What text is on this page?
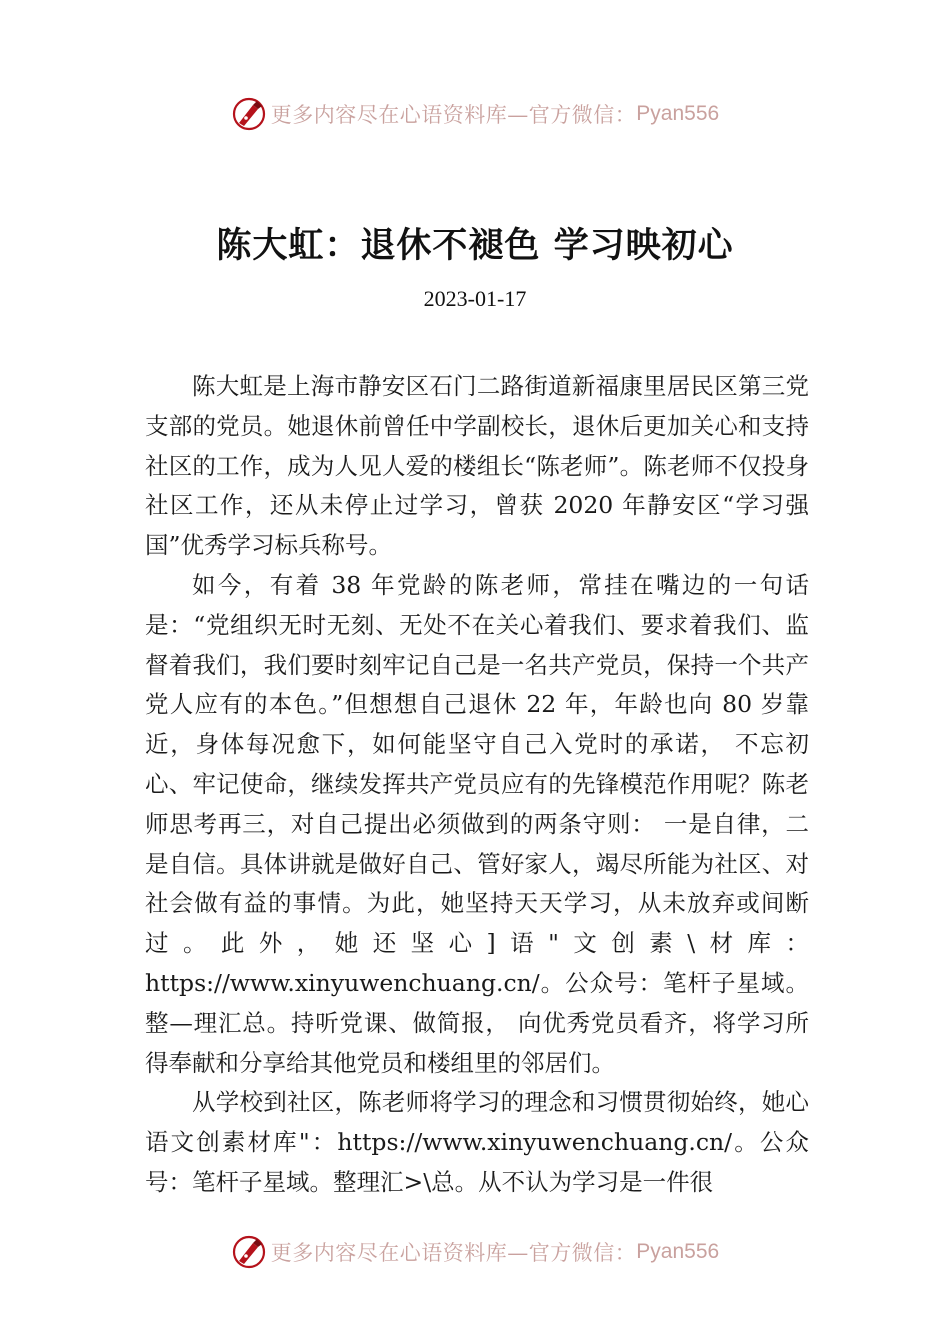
更多内容尽在心语资料库—官方微信： Pyan556
陈大虹：退休不褪色 学习映初心
2023-01-17

陈大虹是上海市静安区石门二路街道新福康里居民区第三党支部的党员。她退休前曾任中学副校长，退休后更加关心和支持社区的工作，成为人见人爱的楼组长“陈老师”。陈老师不仅投身社区工作，还从未停止过学习，曾获 2020 年静安区“学习强国”优秀学习标兵称号。

如今，有着 38 年党龄的陈老师，常挂在嘴边的一句话是：“党组织无时无刻、无处不在关心着我们、要求着我们、监督着我们，我们要时刻牢记自己是一名共产党员，保持一个共产党人应有的本色。”但想想自己退休 22 年，年龄也向 80 岁靠近，身体每况愈下，如何能坚守自己入党时的承诺， 不忘初心、牢记使命，继续发挥共产党员应有的先锋模范作用呢？陈老师思考再三，对自己提出必须做到的两条守则： 一是自律，二是自信。具体讲就是做好自己、管好家人，竭尽所能为社区、对社会做有益的事情。为此，她坚持天天学习，从未放弃或间断过。此外，她还坚心]语"文创素\材库：https://www.xinyuwenchuang.cn/。公众号：笔杆子星域。整—理汇总。持听党课、做简报， 向优秀党员看齐，将学习所得奉献和分享给其他党员和楼组里的邻居们。

从学校到社区，陈老师将学习的理念和习惯贯彻始终，她心语文创素材库"：https://www.xinyuwenchuang.cn/。公众号：笔杆子星域。整理汇>\总。从不认为学习是一件很

更多内容尽在心语资料库—官方微信： Pyan556
